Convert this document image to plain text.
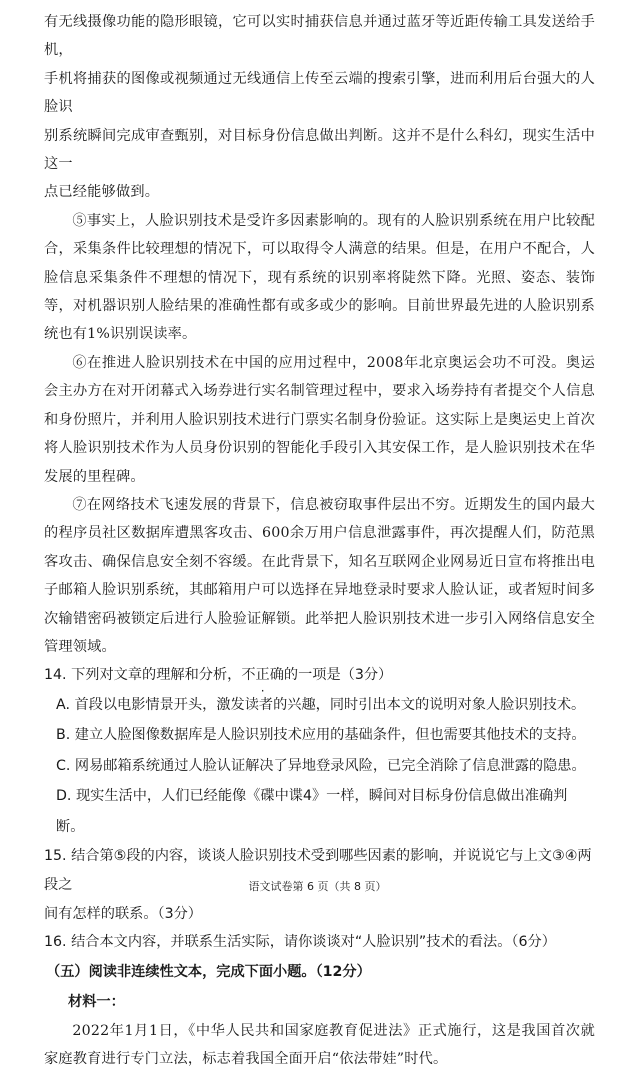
有无线摄像功能的隐形眼镜，它可以实时捕获信息并通过蓝牙等近距传输工具发送给手机，

手机将捕获的图像或视频通过无线通信上传至云端的搜索引擎，进而利用后台强大的人脸识

别系统瞬间完成审查甄别，对目标身份信息做出判断。这并不是什么科幻，现实生活中这一

点已经能够做到。

⑤事实上，人脸识别技术是受许多因素影响的。现有的人脸识别系统在用户比较配合，采集条件比较理想的情况下，可以取得令人满意的结果。但是，在用户不配合，人脸信息采集条件不理想的情况下，现有系统的识别率将陡然下降。光照、姿态、装饰等，对机器识别人脸结果的准确性都有或多或少的影响。目前世界最先进的人脸识别系统也有1%识别误读率。

⑥在推进人脸识别技术在中国的应用过程中，2008年北京奥运会功不可没。奥运会主办方在对开闭幕式入场券进行实名制管理过程中，要求入场券持有者提交个人信息和身份照片，并利用人脸识别技术进行门票实名制身份验证。这实际上是奥运史上首次将人脸识别技术作为人员身份识别的智能化手段引入其安保工作，是人脸识别技术在华发展的里程碑。

⑦在网络技术飞速发展的背景下，信息被窃取事件层出不穷。近期发生的国内最大的程序员社区数据库遭黑客攻击、600余万用户信息泄露事件，再次提醒人们，防范黑客攻击、确保信息安全刻不容缓。在此背景下，知名互联网企业网易近日宣布将推出电子邮箱人脸识别系统，其邮箱用户可以选择在异地登录时要求人脸认证，或者短时间多次输错密码被锁定后进行人脸验证解锁。此举把人脸识别技术进一步引入网络信息安全管理领域。

14. 下列对文章的理解和分析，不正确的一项是（3分）

A. 首段以电影情景开头，激发读者的兴趣，同时引出本文的说明对象人脸识别技术。

B. 建立人脸图像数据库是人脸识别技术应用的基础条件，但也需要其他技术的支持。

C. 网易邮箱系统通过人脸认证解决了异地登录风险，已完全消除了信息泄露的隐患。

D. 现实生活中，人们已经能像《碟中谍4》一样，瞬间对目标身份信息做出准确判断。

15. 结合第⑤段的内容，谈谈人脸识别技术受到哪些因素的影响，并说说它与上文③④两段之

间有怎样的联系。（3分）

16. 结合本文内容，并联系生活实际，请你谈谈对“人脸识别”技术的看法。（6分）

（五）阅读非连续性文本，完成下面小题。（12分）

材料一：

2022年1月1日，《中华人民共和国家庭教育促进法》正式施行，这是我国首次就家庭教育进行专门立法，标志着我国全面开启“依法带娃”时代。

语文试卷第 6 页（共 8 页）
